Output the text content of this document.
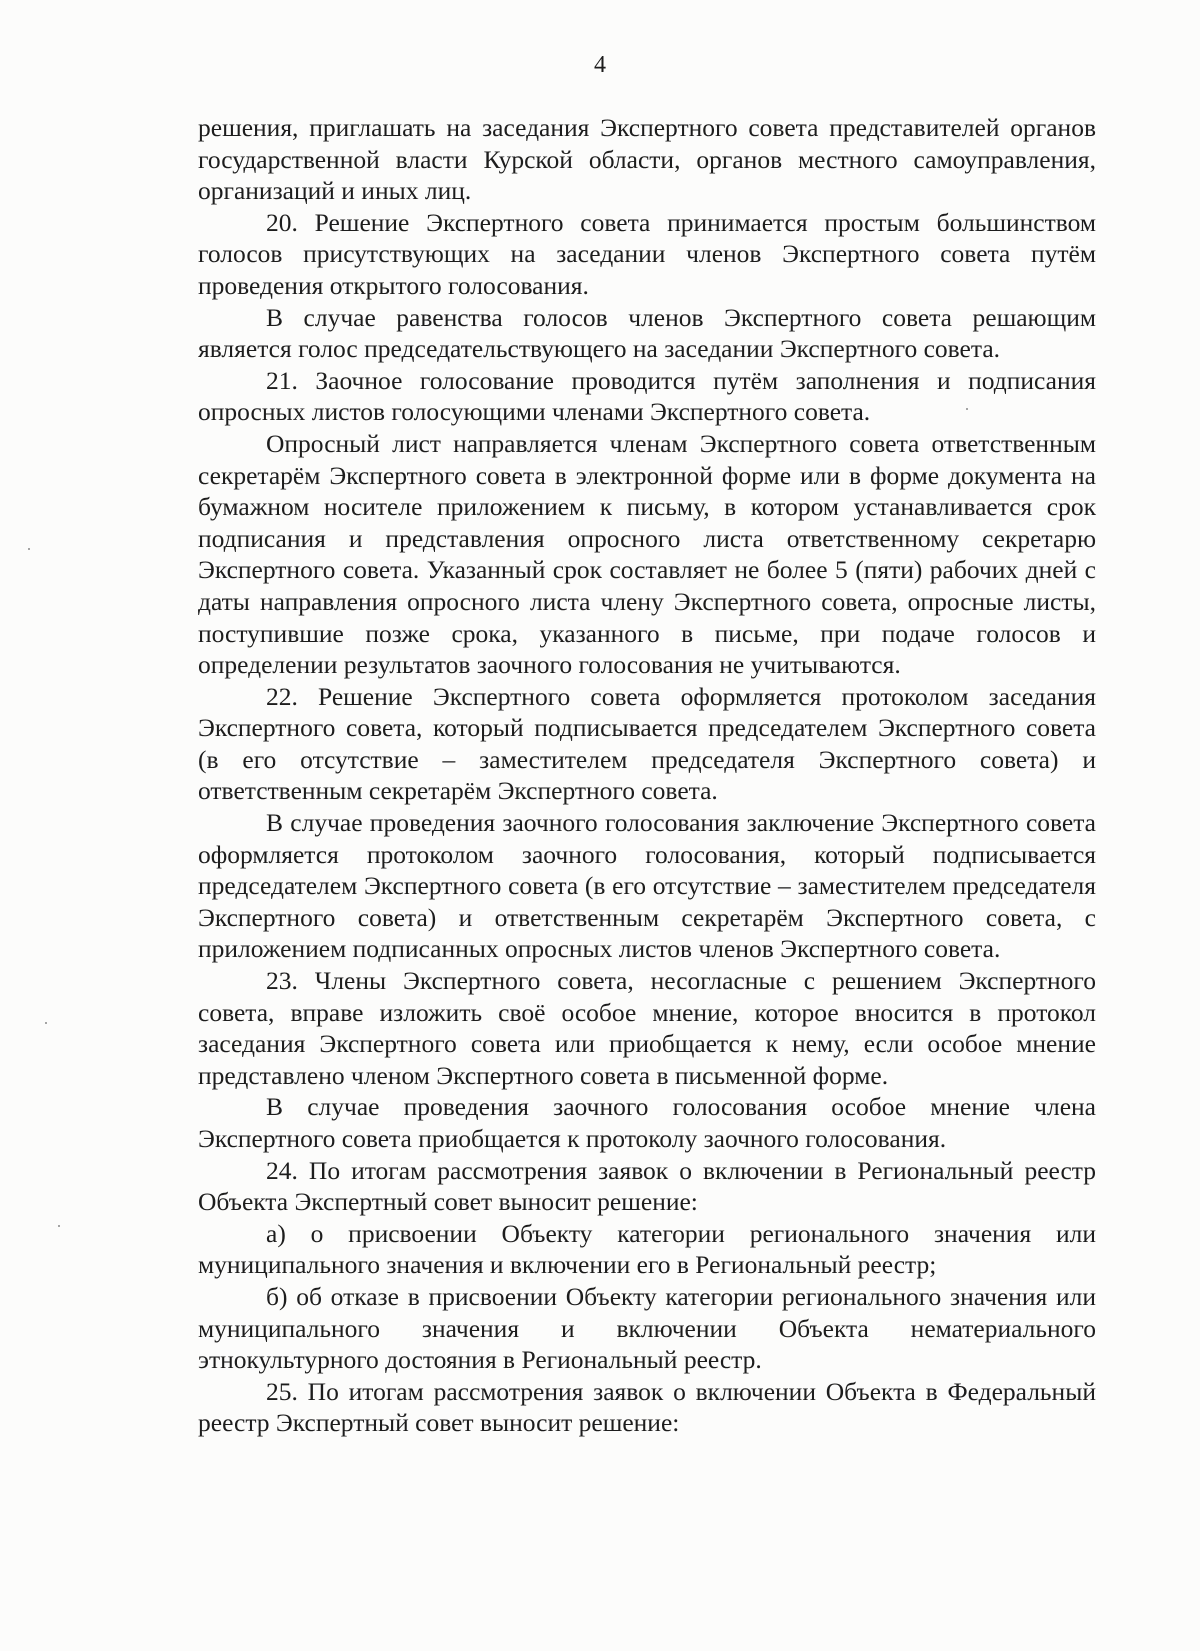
4

решения, приглашать на заседания Экспертного совета представителей органов государственной власти Курской области, органов местного самоуправления, организаций и иных лиц.

20. Решение Экспертного совета принимается простым большинством голосов присутствующих на заседании членов Экспертного совета путём проведения открытого голосования.

В случае равенства голосов членов Экспертного совета решающим является голос председательствующего на заседании Экспертного совета.

21. Заочное голосование проводится путём заполнения и подписания опросных листов голосующими членами Экспертного совета.

Опросный лист направляется членам Экспертного совета ответственным секретарём Экспертного совета в электронной форме или в форме документа на бумажном носителе приложением к письму, в котором устанавливается срок подписания и представления опросного листа ответственному секретарю Экспертного совета. Указанный срок составляет не более 5 (пяти) рабочих дней с даты направления опросного листа члену Экспертного совета, опросные листы, поступившие позже срока, указанного в письме, при подаче голосов и определении результатов заочного голосования не учитываются.

22. Решение Экспертного совета оформляется протоколом заседания Экспертного совета, который подписывается председателем Экспертного совета (в его отсутствие – заместителем председателя Экспертного совета) и ответственным секретарём Экспертного совета.

В случае проведения заочного голосования заключение Экспертного совета оформляется протоколом заочного голосования, который подписывается председателем Экспертного совета (в его отсутствие – заместителем председателя Экспертного совета) и ответственным секретарём Экспертного совета, с приложением подписанных опросных листов членов Экспертного совета.

23. Члены Экспертного совета, несогласные с решением Экспертного совета, вправе изложить своё особое мнение, которое вносится в протокол заседания Экспертного совета или приобщается к нему, если особое мнение представлено членом Экспертного совета в письменной форме.

В случае проведения заочного голосования особое мнение члена Экспертного совета приобщается к протоколу заочного голосования.

24. По итогам рассмотрения заявок о включении в Региональный реестр Объекта Экспертный совет выносит решение:

а) о присвоении Объекту категории регионального значения или муниципального значения и включении его в Региональный реестр;

б) об отказе в присвоении Объекту категории регионального значения или муниципального значения и включении Объекта нематериального этнокультурного достояния в Региональный реестр.

25. По итогам рассмотрения заявок о включении Объекта в Федеральный реестр Экспертный совет выносит решение:
